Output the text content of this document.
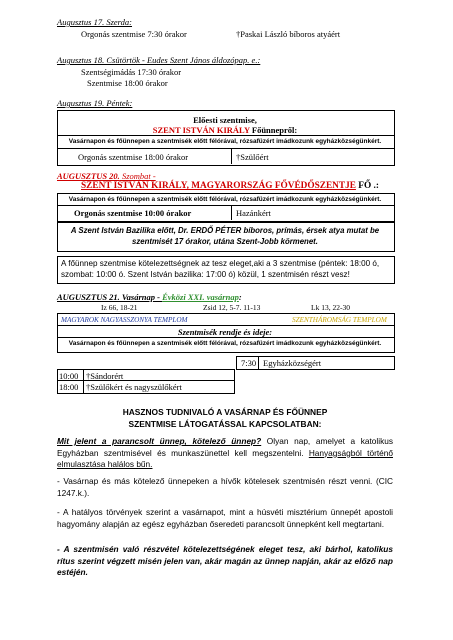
Augusztus 17. Szerda:
Orgonás szentmise 7:30 órakor	†Paskai László bíboros atyáért
Augusztus 18. Csütörtök - Eudes Szent János áldozópap. e.:
Szentségimádás 17:30 órakor
Szentmise 18:00 órakor
Augusztus 19. Péntek:
Előesti szentmise,
SZENT ISTVÁN KIRÁLY Főünnepről:
Vasárnapon és főünnepen a szentmisék előtt félórával, rózsafüzért imádkozunk egyházközségünkért.
Orgonás szentmise 18:00 órakor	†Szülőért
AUGUSZTUS 20. Szombat -
SZENT ISTVÁN KIRÁLY, MAGYARORSZÁG FŐVÉDŐSZENTJE FŐ .:
Vasárnapon és főünnepen a szentmisék előtt félórával, rózsafüzért imádkozunk egyházközségünkért.
Orgonás szentmise 10:00 órakor	Hazánkért
A Szent István Bazilika előtt, Dr. ERDŐ PÉTER bíboros, prímás, érsek atya mutat be
szentmisét 17 órakor, utána Szent-Jobb körmenet.
A főünnep szentmise kötelezettségnek az tesz eleget,aki a 3 szentmise (péntek: 18:00 ó,
szombat: 10:00 ó. Szent István bazilika: 17:00 ó) közül, 1 szentmisén részt vesz!
AUGUSZTUS 21. Vasárnap - Évközi XXI. vasárnap:
Iz 66, 18-21	Zsid 12, 5-7. 11-13	Lk 13, 22-30
MAGYAROK NAGYASSZONYA TEMPLOM	SZENTHÁROMSÁG TEMPLOM
Szentmisék rendje és ideje:
Vasárnapon és főünnepen a szentmisék előtt félórával, rózsafüzért imádkozunk egyházközségünkért.
7:30 Egyházközségért
10:00 †Sándorért
18:00 †Szülőkért és nagyszülőkért
HASZNOS TUDNIVALÓ A VASÁRNAP ÉS FŐÜNNEP
SZENTMISE LÁTOGATÁSSAL KAPCSOLATBAN:
Mit jelent a parancsolt ünnep, kötelező ünnep? Olyan nap, amelyet a katolikus Egyházban szentmisével és munkaszünettel kell megszentelni. Hanyagságból történő elmulasztása halálos bűn.
- Vasárnap és más kötelező ünnepeken a hívők kötelesek szentmisén részt venni. (CIC 1247.k.).
- A hatályos törvények szerint a vasárnapot, mint a húsvéti misztérium ünnepét apostoli hagyomány alapján az egész egyházban őseredeti parancsolt ünnepként kell megtartani.
- A szentmisén való részvétel kötelezettségének eleget tesz, aki bárhol, katolikus rítus szerint végzett misén jelen van, akár magán az ünnep napján, akár az előző nap estéjén.
